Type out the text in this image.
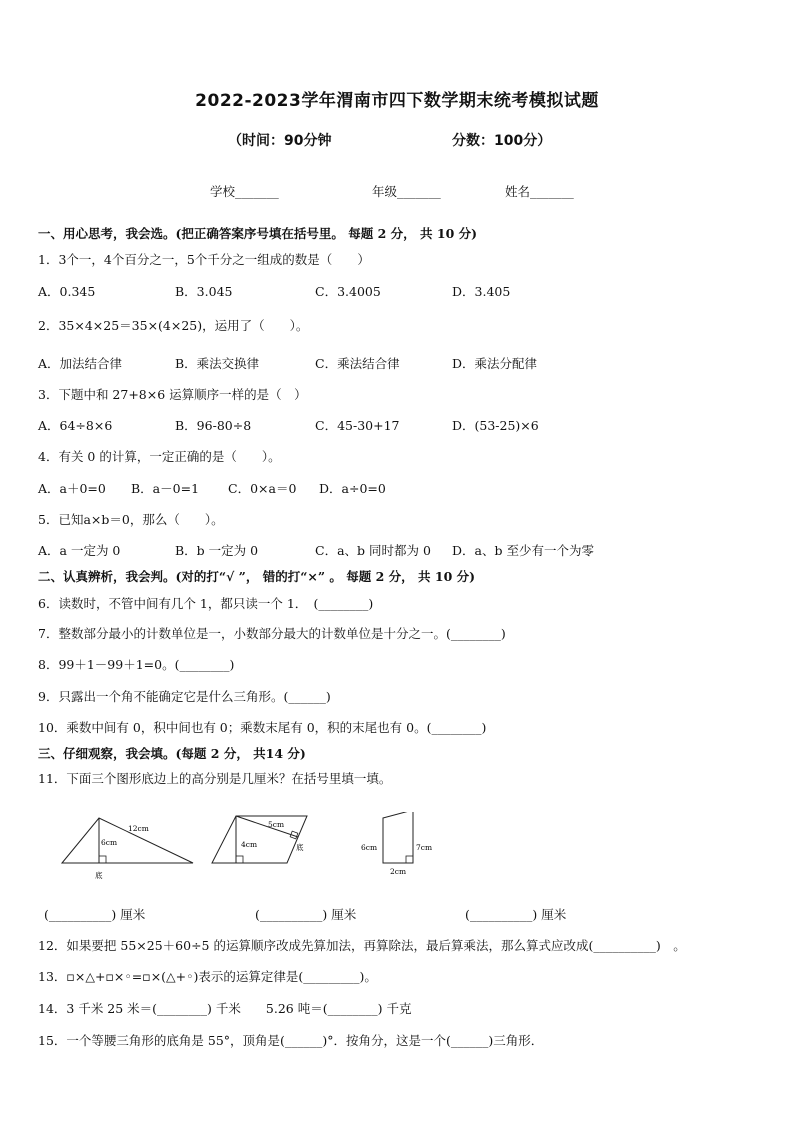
2022-2023学年渭南市四下数学期末统考模拟试题
（时间：90分钟	分数：100分）
学校_______	年级_______	姓名_______
一、用心思考，我会选。(把正确答案序号填在括号里。 每题 2 分， 共 10 分)
1．3个一，4个百分之一，5个千分之一组成的数是（　　）
A．0.345	B．3.045	C．3.4005	D．3.405
2．35×4×25＝35×(4×25)，运用了（　　）。
A．加法结合律	B．乘法交换律	C．乘法结合律	D．乘法分配律
3．下题中和 27+8×6 运算顺序一样的是（　）
A．64÷8×6	B．96-80÷8	C．45-30+17	D．(53-25)×6
4．有关 0 的计算，一定正确的是（　　）。
A．a＋0=0 B．a－0=1 C．0×a＝0 D．a÷0=0
5．已知a×b＝0，那么（　　）。
A．a 一定为 0	B．b 一定为 0	C．a、b 同时都为 0 D．a、b 至少有一个为零
二、认真辨析，我会判。(对的打“√ ”， 错的打“×” 。 每题 2 分， 共 10 分)
6．读数时，不管中间有几个 1，都只读一个 1．　(________)
7．整数部分最小的计数单位是一，小数部分最大的计数单位是十分之一。(________)
8．99＋1－99＋1=0。(________)
9．只露出一个角不能确定它是什么三角形。(______)
10．乘数中间有 0，积中间也有 0；乘数末尾有 0，积的末尾也有 0。(________)
三、仔细观察，我会填。(每题 2 分， 共14 分)
11．下面三个图形底边上的高分别是几厘米？在括号里填一填。
12cm
6cm
底
5cm
4cm	底	6cm	7cm
2cm
(__________) 厘米	(__________) 厘米	(__________) 厘米
12．如果要把 55×25＋60÷5 的运算顺序改成先算加法，再算除法，最后算乘法，那么算式应改成(__________)　。
13．▫×△+▫×◦=▫×(△+◦)表示的运算定律是(_________)。
14．3 千米 25 米＝(________) 千米　　5.26 吨＝(________) 千克
15．一个等腰三角形的底角是 55°，顶角是(______)°．按角分，这是一个(______)三角形．
